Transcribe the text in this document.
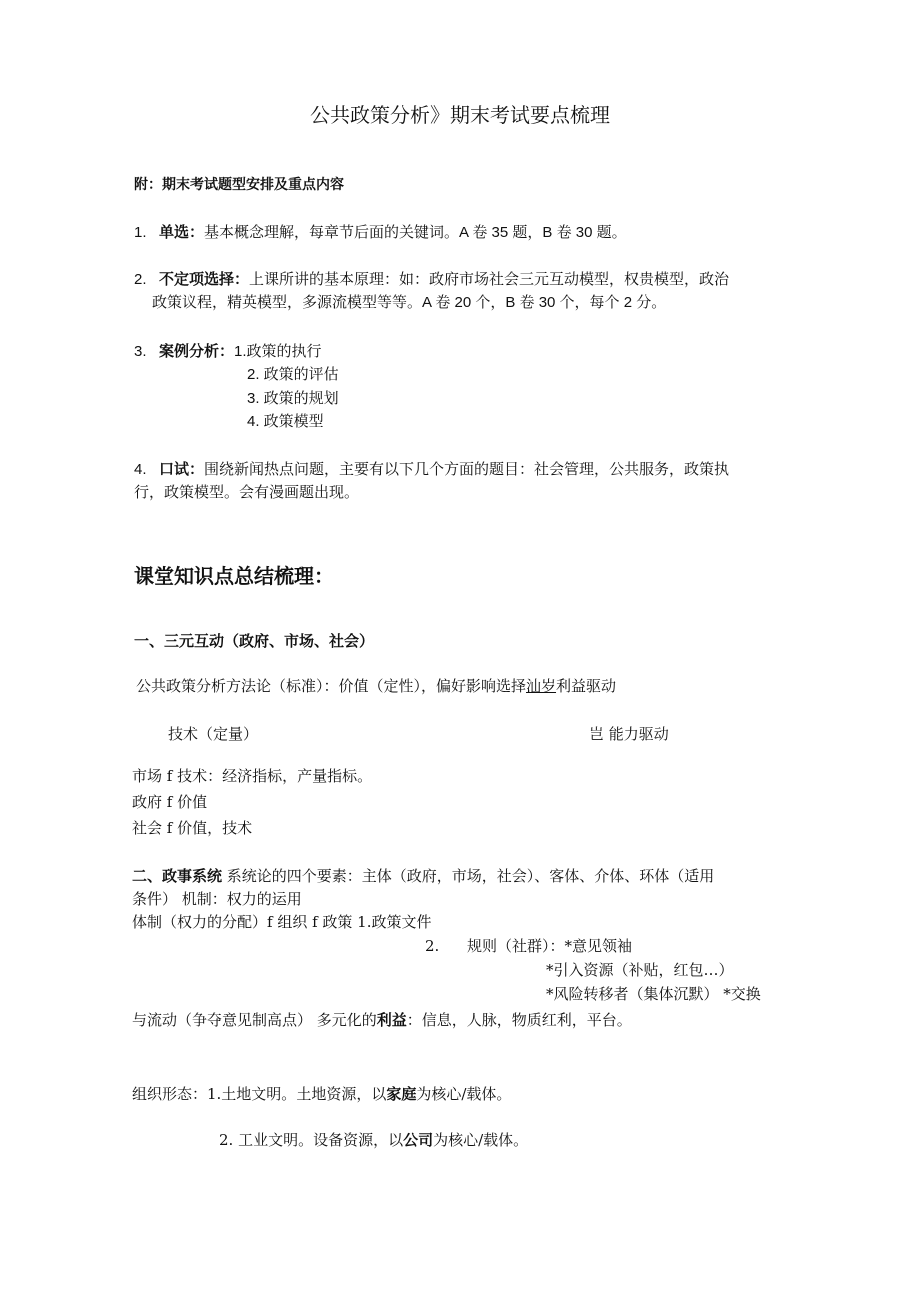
公共政策分析》期末考试要点梳理
附：期末考试题型安排及重点内容
1. 单选：基本概念理解，每章节后面的关键词。A 卷 35 题，B 卷 30 题。
2. 不定项选择：上课所讲的基本原理：如：政府市场社会三元互动模型，权贵模型，政治
政策议程，精英模型，多源流模型等等。A 卷 20 个，B 卷 30 个，每个 2 分。
3. 案例分析：1.政策的执行
2. 政策的评估
3. 政策的规划
4. 政策模型
4. 口试：围绕新闻热点问题，主要有以下几个方面的题目：社会管理，公共服务，政策执
行，政策模型。会有漫画题出现。
课堂知识点总结梳理：
一、三元互动（政府、市场、社会）
公共政策分析方法论（标准）：价值（定性），偏好影响选择汕岁利益驱动
技术（定量）	岂 能力驱动
市场 f 技术：经济指标，产量指标。
政府 f 价值
社会 f 价值，技术
二、政事系统 系统论的四个要素：主体（政府，市场，社会）、客体、介体、环体（适用
条件） 机制：权力的运用
体制（权力的分配）f 组织 f 政策 1.政策文件
2. 规则（社群）：*意见领袖
*引入资源（补贴，红包…）
*风险转移者（集体沉默） *交换
与流动（争夺意见制高点） 多元化的利益：信息，人脉，物质红利，平台。
组织形态：1.土地文明。土地资源，以家庭为核心/载体。
2. 工业文明。设备资源，以公司为核心/载体。
